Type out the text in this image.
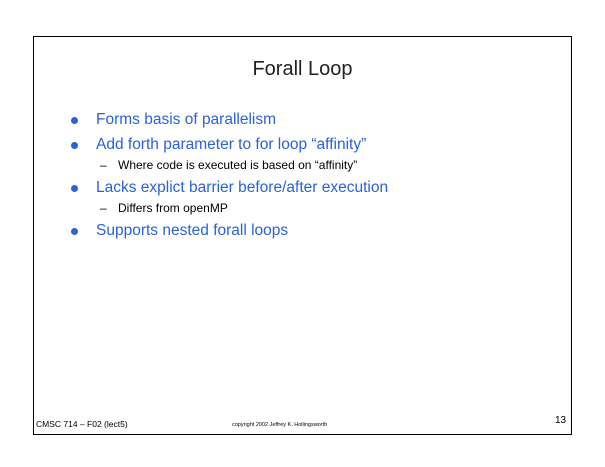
Forall Loop
Forms basis of parallelism
Add forth parameter to for loop “affinity”
– Where code is executed is based on “affinity”
Lacks explict barrier before/after execution
– Differs from openMP
Supports nested forall loops
CMSC 714 – F02 (lect5)	copyright 2002 Jeffrey K. Hollingsworth	13
